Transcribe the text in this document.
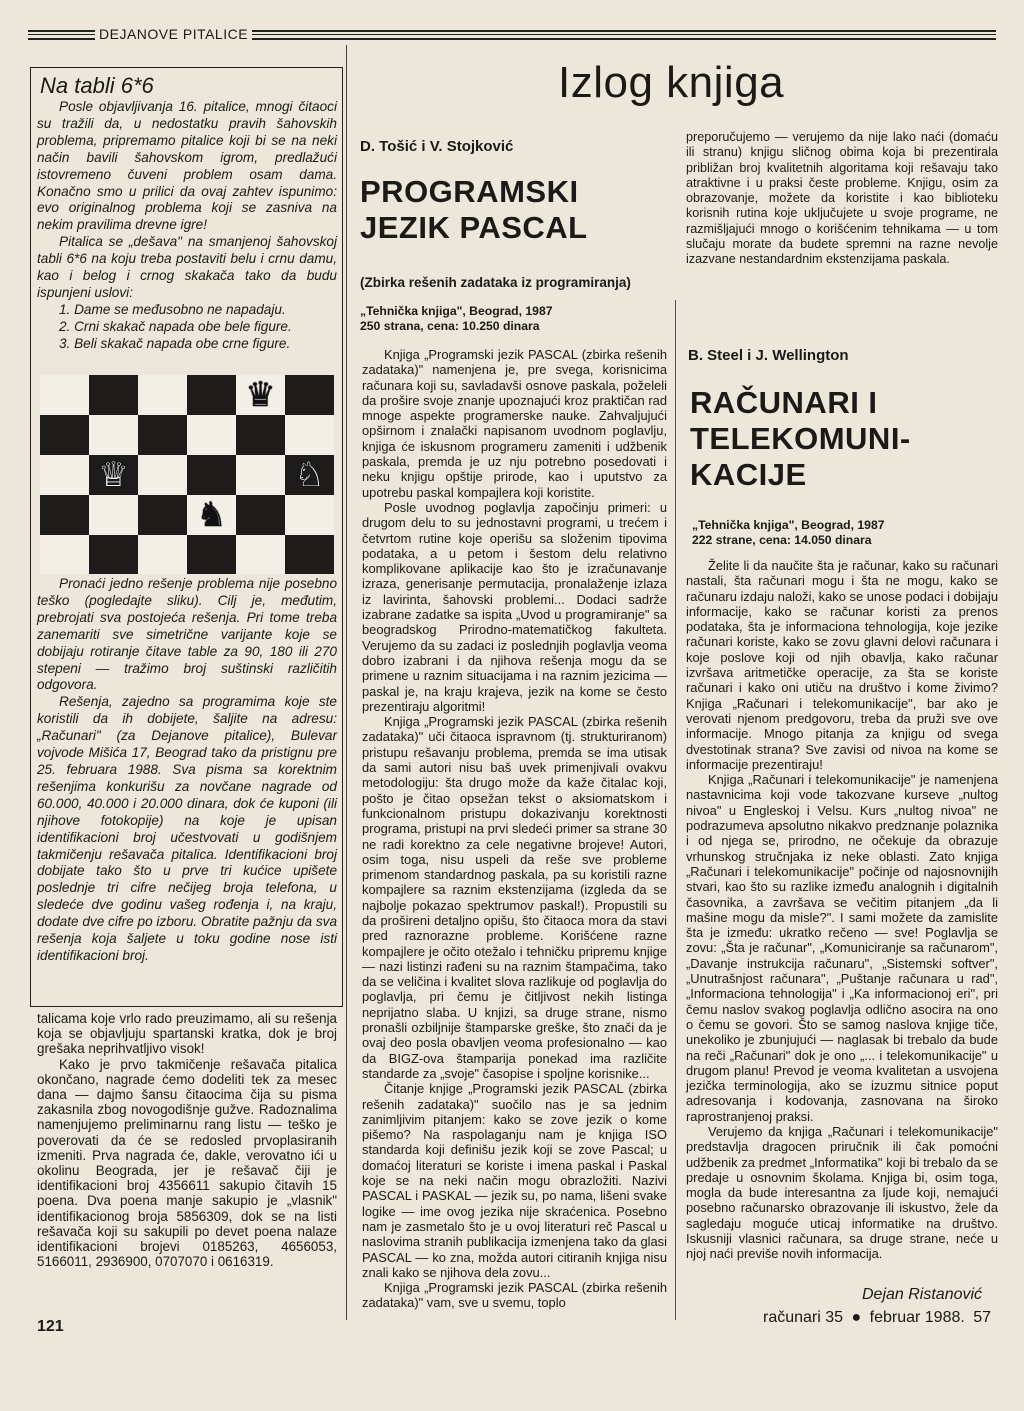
DEJANOVE PITALICE
Na tabli 6*6

Posle objavljivanja 16. pitalice, mnogi čitaoci su tražili da, u nedostatku pravih šahovskih problema, pripremamo pitalice koji bi se na neki način bavili šahovskom igrom, predlažući istovremeno čuveni problem osam dama. Konačno smo u prilici da ovaj zahtev ispunimo: evo originalnog problema koji se zasniva na nekim pravilima drevne igre!

Pitalica se „dešava" na smanjenoj šahovskoj tabli 6*6 na koju treba postaviti belu i crnu damu, kao i belog i crnog skakača tako da budu ispunjeni uslovi:

1. Dame se međusobno ne napadaju.

2. Crni skakač napada obe bele figure.

3. Beli skakač napada obe crne figure.

♛
♕	♘
♞

Pronaći jedno rešenje problema nije posebno teško (pogledajte sliku). Cilj je, međutim, prebrojati sva postojeća rešenja. Pri tome treba zanemariti sve simetrične varijante koje se dobijaju rotiranje čitave table za 90, 180 ili 270 stepeni — tražimo broj suštinski različitih odgovora.

Rešenja, zajedno sa programima koje ste koristili da ih dobijete, šaljite na adresu: „Računari" (za Dejanove pitalice), Bulevar vojvode Mišića 17, Beograd tako da pristignu pre 25. februara 1988. Sva pisma sa korektnim rešenjima konkurišu za novčane nagrade od 60.000, 40.000 i 20.000 dinara, dok će kuponi (ili njihove fotokopije) na koje je upisan identifikacioni broj učestvovati u godišnjem takmičenju rešavača pitalica. Identifikacioni broj dobijate tako što u prve tri kućice upišete poslednje tri cifre nečijeg broja telefona, u sledeće dve godinu vašeg rođenja i, na kraju, dodate dve cifre po izboru. Obratite pažnju da sva rešenja koja šaljete u toku godine nose isti identifikacioni broj.

talicama koje vrlo rado preuzimamo, ali su rešenja koja se objavljuju spartanski kratka, dok je broj grešaka neprihvatljivo visok!

Kako je prvo takmičenje rešavača pitalica okončano, nagrade ćemo dodeliti tek za mesec dana — dajmo šansu čitaocima čija su pisma zakasnila zbog novogodišnje gužve. Radoznalima namenjujemo preliminarnu rang listu — teško je poverovati da će se redosled prvoplasiranih izmeniti. Prva nagrada će, dakle, verovatno ići u okolinu Beograda, jer je rešavač čiji je identifikacioni broj 4356611 sakupio čitavih 15 poena. Dva poena manje sakupio je „vlasnik" identifikacionog broja 5856309, dok se na listi rešavača koji su sakupili po devet poena nalaze identifikacioni brojevi 0185263, 4656053, 5166011, 2936900, 0707070 i 0616319.

121
Izlog knjiga
D. Tošić i V. Stojković
PROGRAMSKI
JEZIK PASCAL
(Zbirka rešenih zadataka iz programiranja)
„Tehnička knjiga", Beograd, 1987
250 strana, cena: 10.250 dinara

Knjiga „Programski jezik PASCAL (zbirka rešenih zadataka)" namenjena je, pre svega, korisnicima računara koji su, savladavši osnove paskala, poželeli da prošire svoje znanje upoznajući kroz praktičan rad mnoge aspekte programerske nauke. Zahvaljujući opširnom i znalački napisanom uvodnom poglavlju, knjiga će iskusnom programeru zameniti i udžbenik paskala, premda je uz nju potrebno posedovati i neku knjigu opštije prirode, kao i uputstvo za upotrebu paskal kompajlera koji koristite.

Posle uvodnog poglavlja započinju primeri: u drugom delu to su jednostavni programi, u trećem i četvrtom rutine koje operišu sa složenim tipovima podataka, a u petom i šestom delu relativno komplikovane aplikacije kao što je izračunavanje izraza, generisanje permutacija, pronalaženje izlaza iz lavirinta, šahovski problemi... Dodaci sadrže izabrane zadatke sa ispita „Uvod u programiranje" sa beogradskog Prirodno-matematičkog fakulteta. Verujemo da su zadaci iz poslednjih poglavlja veoma dobro izabrani i da njihova rešenja mogu da se primene u raznim situacijama i na raznim jezicima — paskal je, na kraju krajeva, jezik na kome se često prezentiraju algoritmi!

Knjiga „Programski jezik PASCAL (zbirka rešenih zadataka)" uči čitaoca ispravnom (tj. strukturiranom) pristupu rešavanju problema, premda se ima utisak da sami autori nisu baš uvek primenjivali ovakvu metodologiju: šta drugo može da kaže čitalac koji, pošto je čitao opsežan tekst o aksiomatskom i funkcionalnom pristupu dokazivanju korektnosti programa, pristupi na prvi sledeći primer sa strane 30 ne radi korektno za cele negativne brojeve! Autori, osim toga, nisu uspeli da reše sve probleme primenom standardnog paskala, pa su koristili razne kompajlere sa raznim ekstenzijama (izgleda da se najbolje pokazao spektrumov paskal!). Propustili su da prošireni detaljno opišu, što čitaoca mora da stavi pred raznorazne probleme. Korišćene razne kompajlere je očito otežalo i tehničku pripremu knjige — nazi listinzi rađeni su na raznim štampačima, tako da se veličina i kvalitet slova razlikuje od poglavlja do poglavlja, pri čemu je čitljivost nekih listinga neprijatno slaba. U knjizi, sa druge strane, nismo pronašli ozbiljnije štamparske greške, što znači da je ovaj deo posla obavljen veoma profesionalno — kao da BIGZ-ova štamparija ponekad ima različite standarde za „svoje" časopise i spoljne korisnike...

Čitanje knjige „Programski jezik PASCAL (zbirka rešenih zadataka)" suočilo nas je sa jednim zanimljivim pitanjem: kako se zove jezik o kome pišemo? Na raspolaganju nam je knjiga ISO standarda koji definišu jezik koji se zove Pascal; u domaćoj literaturi se koriste i imena paskal i Paskal koje se na neki način mogu obrazložiti. Nazivi PASCAL i PASKAL — jezik su, po nama, lišeni svake logike — ime ovog jezika nije skraćenica. Posebno nam je zasmetalo što je u ovoj literaturi reč Pascal u naslovima stranih publikacija izmenjena tako da glasi PASCAL — ko zna, možda autori citiranih knjiga nisu znali kako se njihova dela zovu...

Knjiga „Programski jezik PASCAL (zbirka rešenih zadataka)" vam, sve u svemu, toplo

preporučujemo — verujemo da nije lako naći (domaću ili stranu) knjigu sličnog obima koja bi prezentirala približan broj kvalitetnih algoritama koji rešavaju tako atraktivne i u praksi česte probleme. Knjigu, osim za obrazovanje, možete da koristite i kao biblioteku korisnih rutina koje uključujete u svoje programe, ne razmišljajući mnogo o korišćenim tehnikama — u tom slučaju morate da budete spremni na razne nevolje izazvane nestandardnim ekstenzijama paskala.

B. Steel i J. Wellington
RAČUNARI I
TELEKOMUNI-
KACIJE
„Tehnička knjiga", Beograd, 1987
222 strane, cena: 14.050 dinara

Želite li da naučite šta je računar, kako su računari nastali, šta računari mogu i šta ne mogu, kako se računaru izdaju naloži, kako se unose podaci i dobijaju informacije, kako se računar koristi za prenos podataka, šta je informaciona tehnologija, koje jezike računari koriste, kako se zovu glavni delovi računara i koje poslove koji od njih obavlja, kako računar izvršava aritmetičke operacije, za šta se koriste računari i kako oni utiču na društvo i kome živimo? Knjiga „Računari i telekomunikacije", bar ako je verovati njenom predgovoru, treba da pruži sve ove informacije. Mnogo pitanja za knjigu od svega dvestotinak strana? Sve zavisi od nivoa na kome se informacije prezentiraju!

Knjiga „Računari i telekomunikacije" je namenjena nastavnicima koji vode takozvane kurseve „nultog nivoa" u Engleskoj i Velsu. Kurs „nultog nivoa" ne podrazumeva apsolutno nikakvo predznanje polaznika i od njega se, prirodno, ne očekuje da obrazuje vrhunskog stručnjaka iz neke oblasti. Zato knjiga „Računari i telekomunikacije" počinje od najosnovnijih stvari, kao što su razlike između analognih i digitalnih časovnika, a završava se večitim pitanjem „da li mašine mogu da misle?". I sami možete da zamislite šta je između: ukratko rečeno — sve! Poglavlja se zovu: „Šta je računar", „Komuniciranje sa računarom", „Davanje instrukcija računaru", „Sistemski softver", „Unutrašnjost računara", „Puštanje računara u rad", „Informaciona tehnologija" i „Ka informacionoj eri", pri čemu naslov svakog poglavlja odlično asocira na ono o čemu se govori. Što se samog naslova knjige tiče, unekoliko je zbunjujući — naglasak bi trebalo da bude na reči „Računari" dok je ono „... i telekomunikacije" u drugom planu! Prevod je veoma kvalitetan a usvojena jezička terminologija, ako se izuzmu sitnice poput adresovanja i kodovanja, zasnovana na široko raprostranjenoj praksi.

Verujemo da knjiga „Računari i telekomunikacije" predstavlja dragocen priručnik ili čak pomoćni udžbenik za predmet „Informatika" koji bi trebalo da se predaje u osnovnim školama. Knjiga bi, osim toga, mogla da bude interesantna za ljude koji, nemajući posebno računarsko obrazovanje ili iskustvo, žele da sagledaju moguće uticaj informatike na društvo. Iskusniji vlasnici računara, sa druge strane, neće u njoj naći previše novih informacija.

Dejan Ristanović
računari 35 ● februar 1988. 57
